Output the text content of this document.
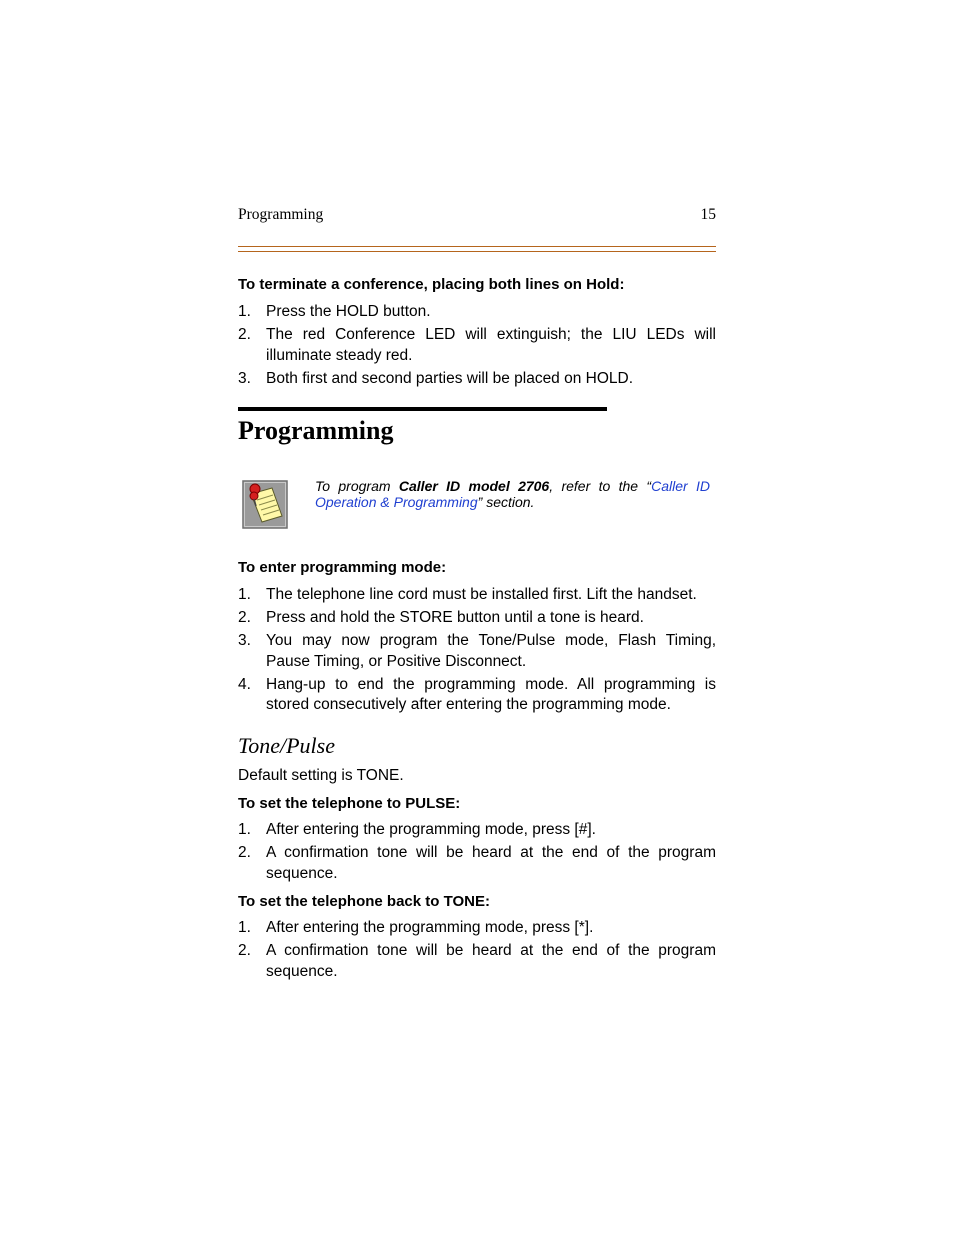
Programming	15
To terminate a conference, placing both lines on Hold:
1. Press the HOLD button.
2. The red Conference LED will extinguish; the LIU LEDs will illuminate steady red.
3. Both first and second parties will be placed on HOLD.
Programming
To program Caller ID model 2706, refer to the “Caller ID Operation & Programming” section.
To enter programming mode:
1. The telephone line cord must be installed first. Lift the handset.
2. Press and hold the STORE button until a tone is heard.
3. You may now program the Tone/Pulse mode, Flash Timing, Pause Timing, or Positive Disconnect.
4. Hang-up to end the programming mode. All programming is stored consecutively after entering the programming mode.
Tone/Pulse
Default setting is TONE.
To set the telephone to PULSE:
1. After entering the programming mode, press [#].
2. A confirmation tone will be heard at the end of the program sequence.
To set the telephone back to TONE:
1. After entering the programming mode, press [*].
2. A confirmation tone will be heard at the end of the program sequence.
